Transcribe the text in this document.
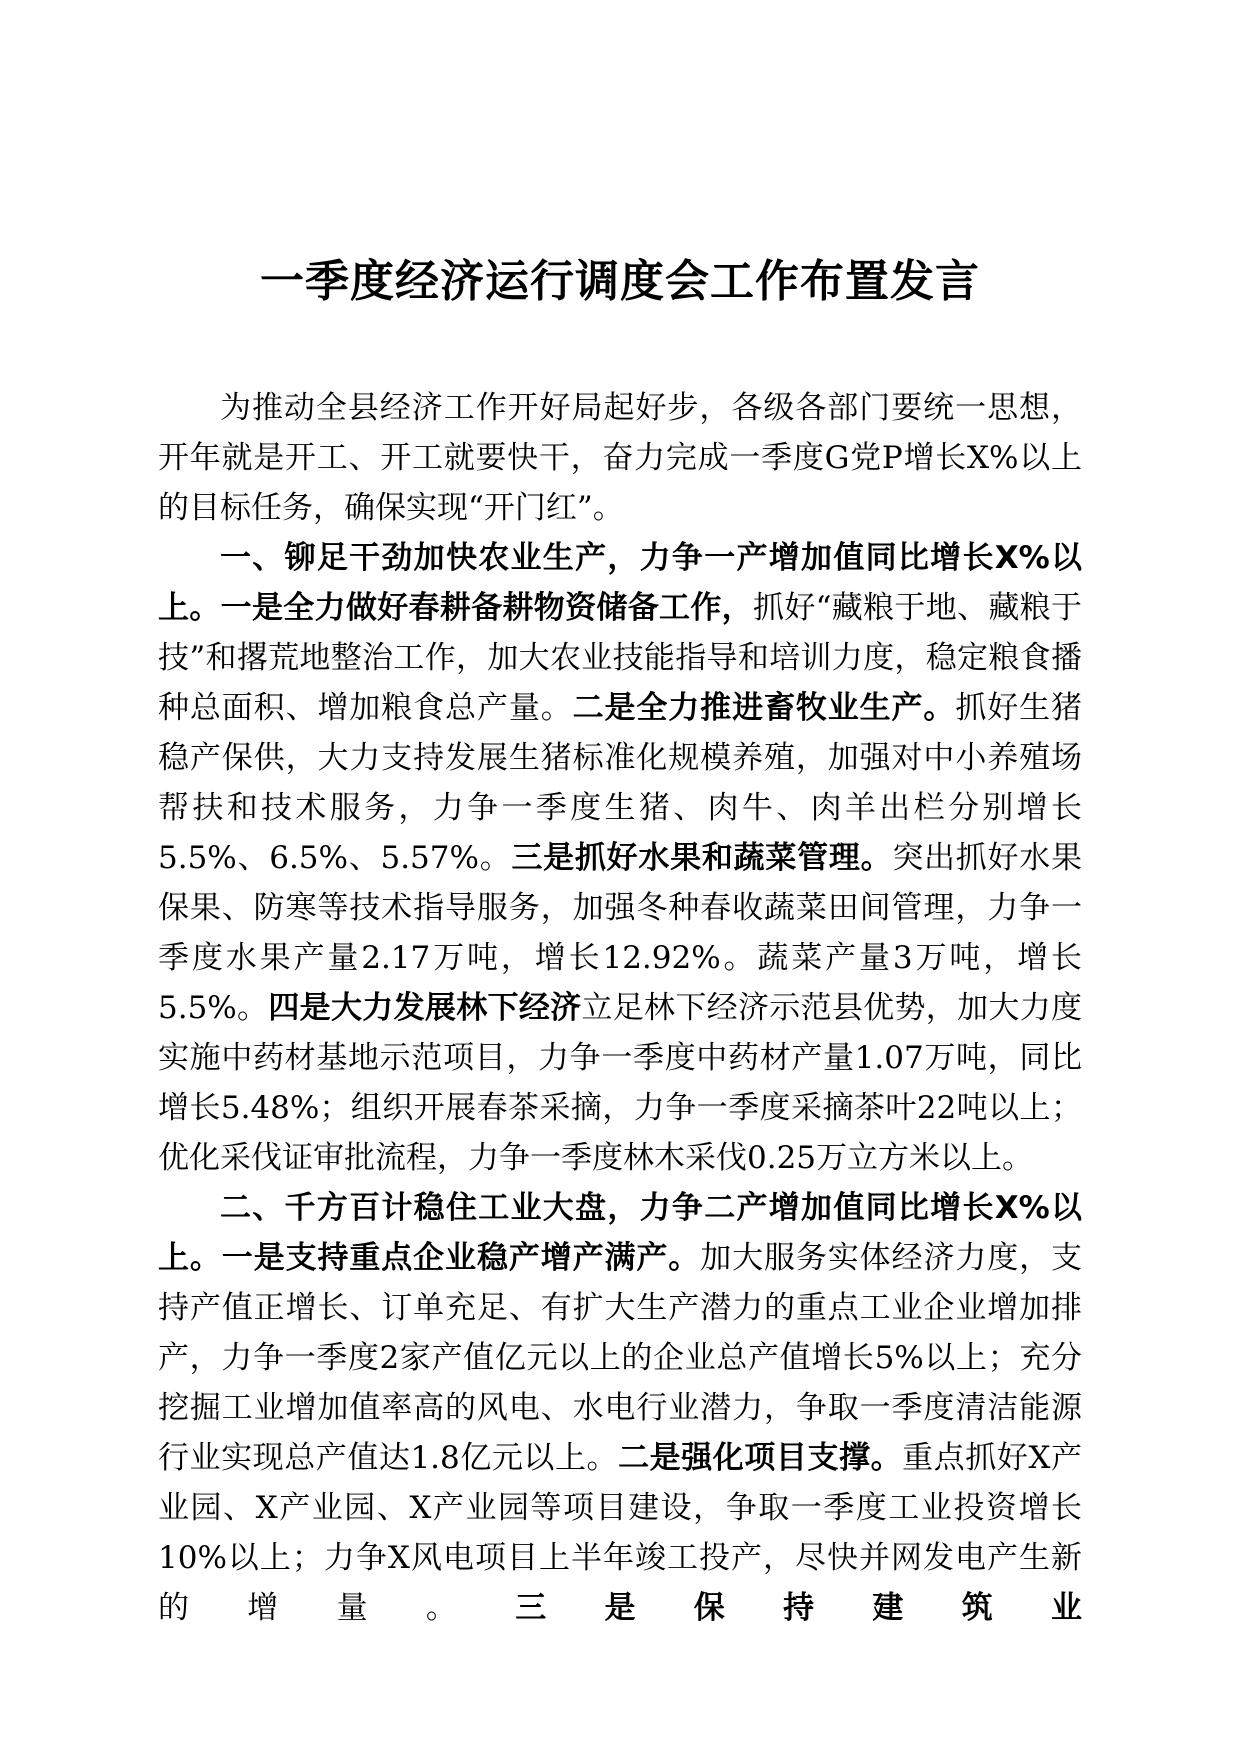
一季度经济运行调度会工作布置发言

为推动全县经济工作开好局起好步，各级各部门要统一思想，开年就是开工、开工就要快干，奋力完成一季度G党P增长X%以上的目标任务，确保实现“开门红”。

一、铆足干劲加快农业生产，力争一产增加值同比增长X%以上。一是全力做好春耕备耕物资储备工作，抓好“藏粮于地、藏粮于技”和撂荒地整治工作，加大农业技能指导和培训力度，稳定粮食播种总面积、增加粮食总产量。二是全力推进畜牧业生产。抓好生猪稳产保供，大力支持发展生猪标准化规模养殖，加强对中小养殖场帮扶和技术服务，力争一季度生猪、肉牛、肉羊出栏分别增长5.5%、6.5%、5.57%。三是抓好水果和蔬菜管理。突出抓好水果保果、防寒等技术指导服务，加强冬种春收蔬菜田间管理，力争一季度水果产量2.17万吨，增长12.92%。蔬菜产量3万吨，增长5.5%。四是大力发展林下经济立足林下经济示范县优势，加大力度实施中药材基地示范项目，力争一季度中药材产量1.07万吨，同比增长5.48%；组织开展春茶采摘，力争一季度采摘茶叶22吨以上；优化采伐证审批流程，力争一季度林木采伐0.25万立方米以上。

二、千方百计稳住工业大盘，力争二产增加值同比增长X%以上。一是支持重点企业稳产增产满产。加大服务实体经济力度，支持产值正增长、订单充足、有扩大生产潜力的重点工业企业增加排产，力争一季度2家产值亿元以上的企业总产值增长5%以上；充分挖掘工业增加值率高的风电、水电行业潜力，争取一季度清洁能源行业实现总产值达1.8亿元以上。二是强化项目支撑。重点抓好X产业园、X产业园、X产业园等项目建设，争取一季度工业投资增长10%以上；力争X风电项目上半年竣工投产，尽快并网发电产生新的增量。三是保持建筑业
